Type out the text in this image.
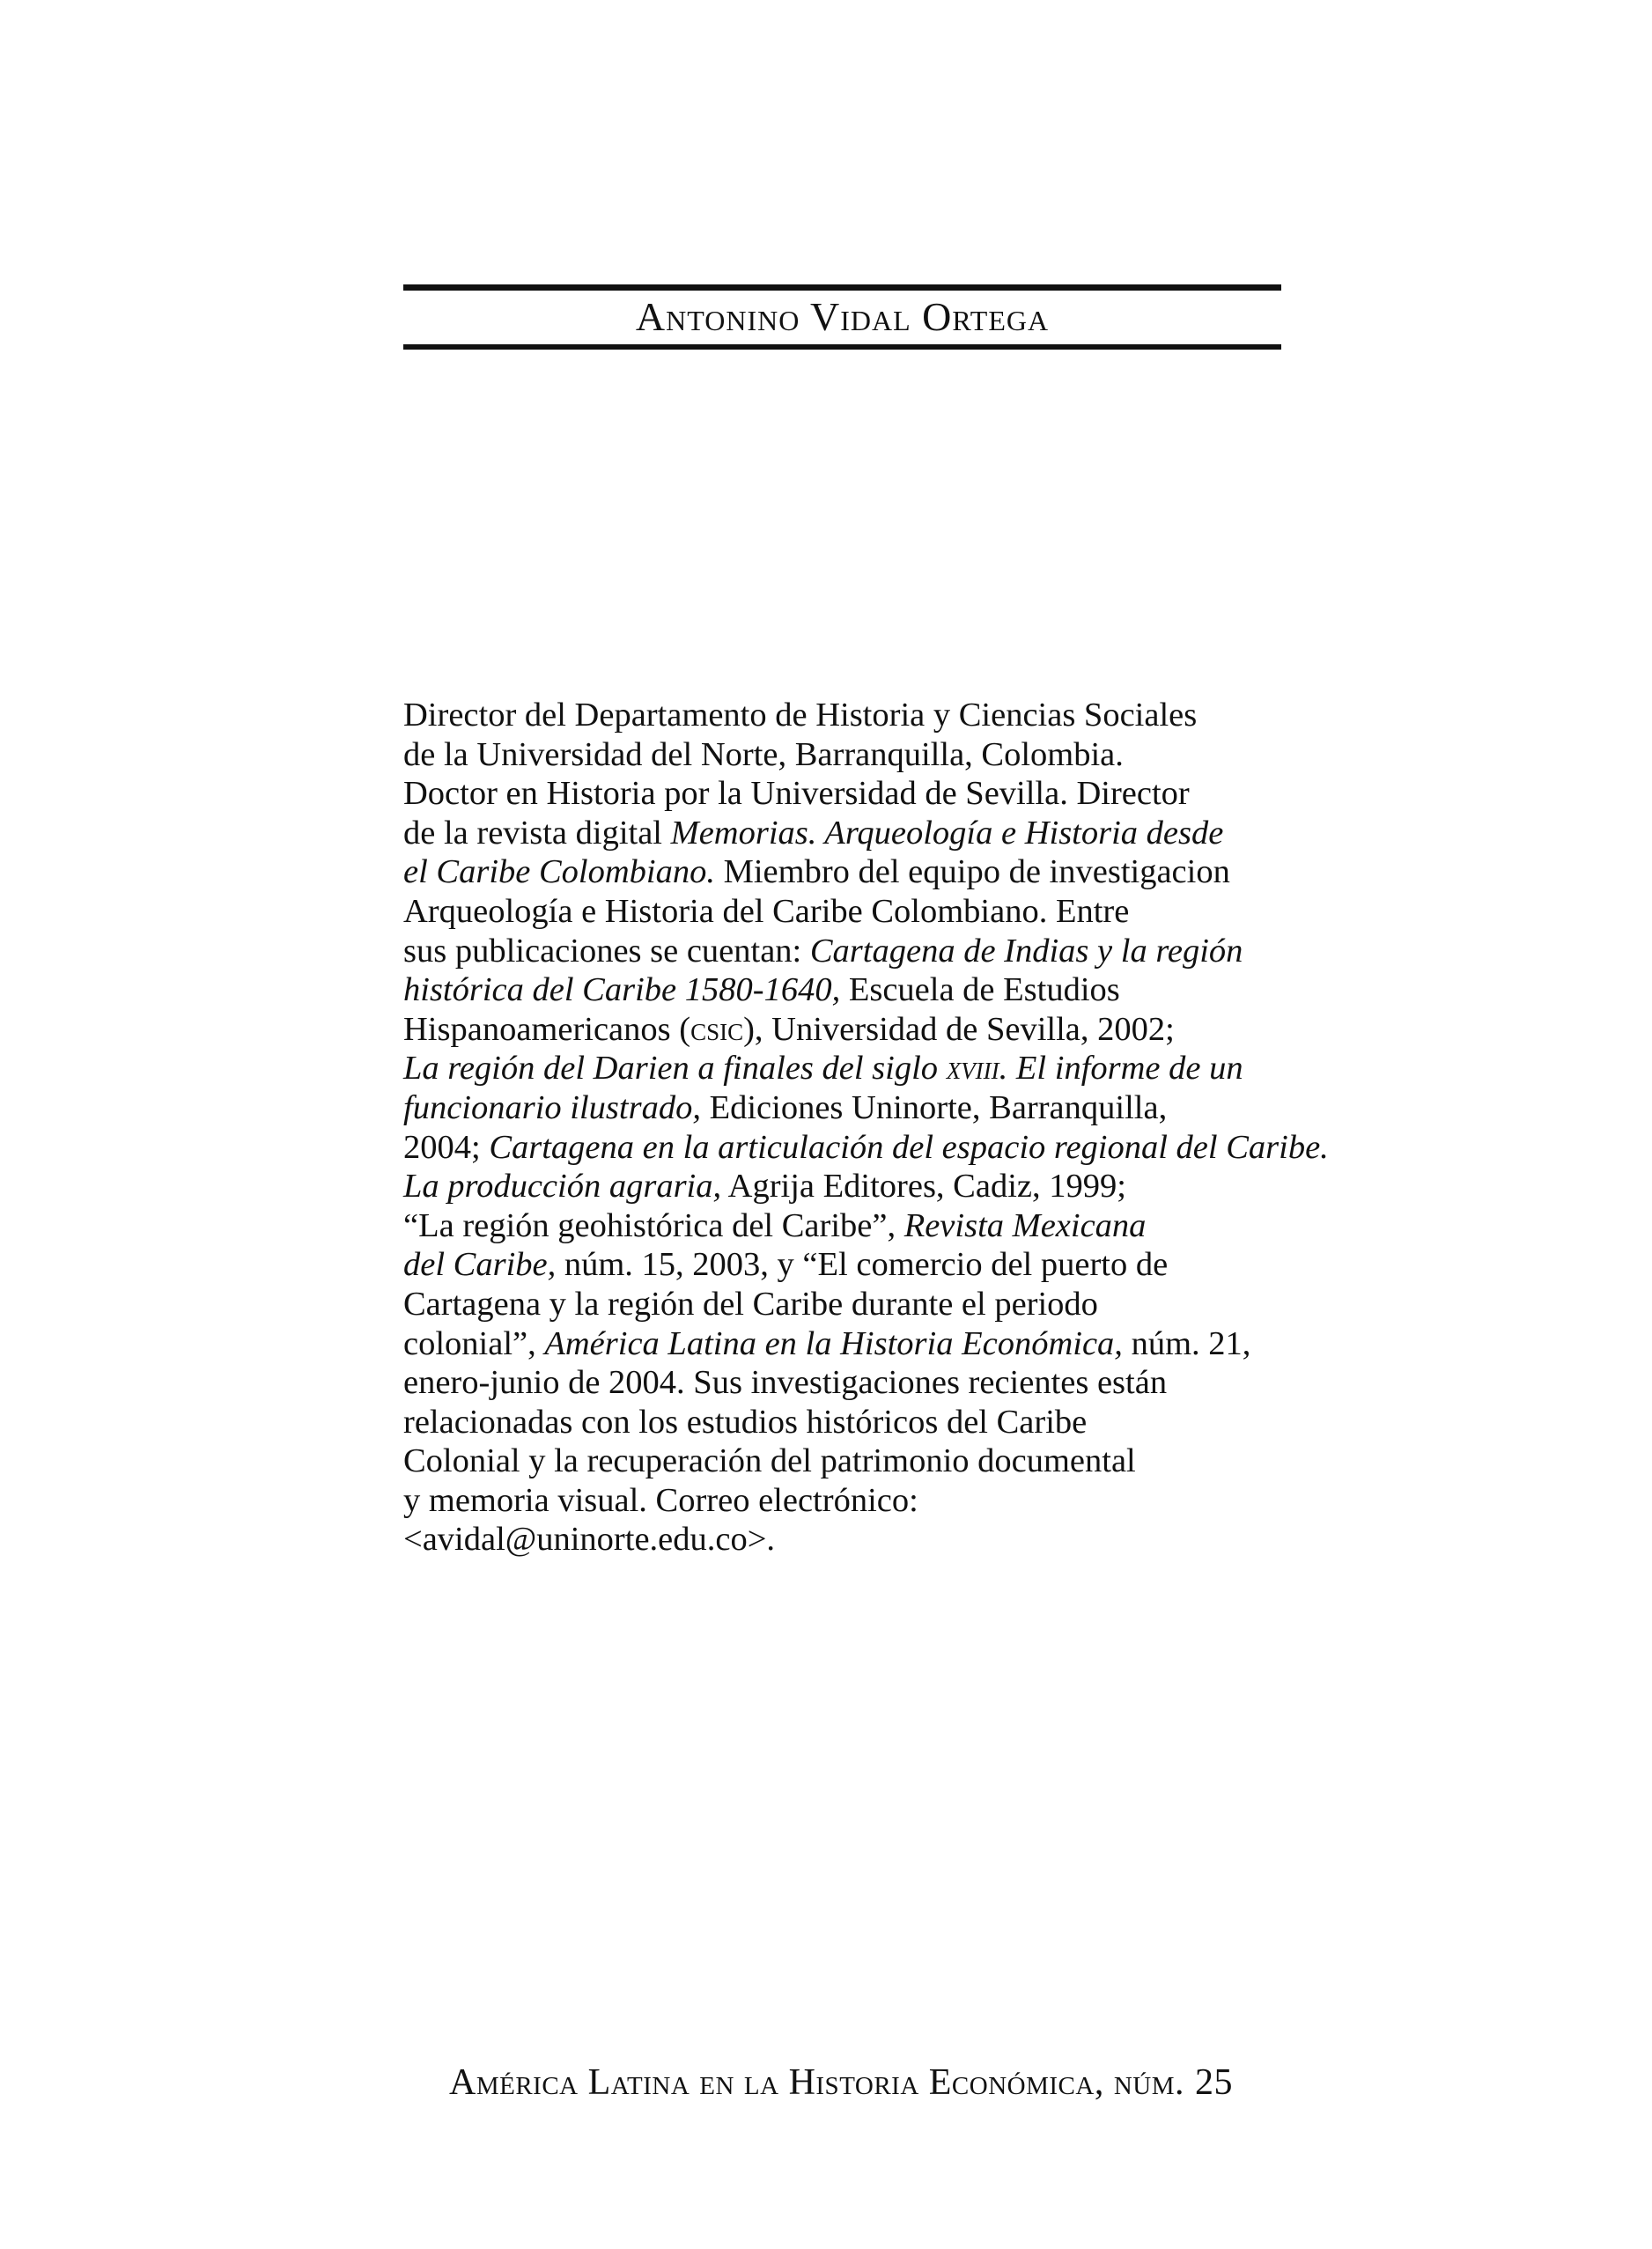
Antonino Vidal Ortega
Director del Departamento de Historia y Ciencias Sociales
de la Universidad del Norte, Barranquilla, Colombia.
Doctor en Historia por la Universidad de Sevilla. Director
de la revista digital Memorias. Arqueología e Historia desde
el Caribe Colombiano. Miembro del equipo de investigacion
Arqueología e Historia del Caribe Colombiano. Entre
sus publicaciones se cuentan: Cartagena de Indias y la región
histórica del Caribe 1580-1640, Escuela de Estudios
Hispanoamericanos (csic), Universidad de Sevilla, 2002;
La región del Darien a finales del siglo xviii. El informe de un
funcionario ilustrado, Ediciones Uninorte, Barranquilla,
2004; Cartagena en la articulación del espacio regional del Caribe.
La producción agraria, Agrija Editores, Cadiz, 1999;
“La región geohistórica del Caribe”, Revista Mexicana
del Caribe, núm. 15, 2003, y “El comercio del puerto de
Cartagena y la región del Caribe durante el periodo
colonial”, América Latina en la Historia Económica, núm. 21,
enero-junio de 2004. Sus investigaciones recientes están
relacionadas con los estudios históricos del Caribe
Colonial y la recuperación del patrimonio documental
y memoria visual. Correo electrónico:
<avidal@uninorte.edu.co>.
América Latina en la Historia Económica, núm. 25
